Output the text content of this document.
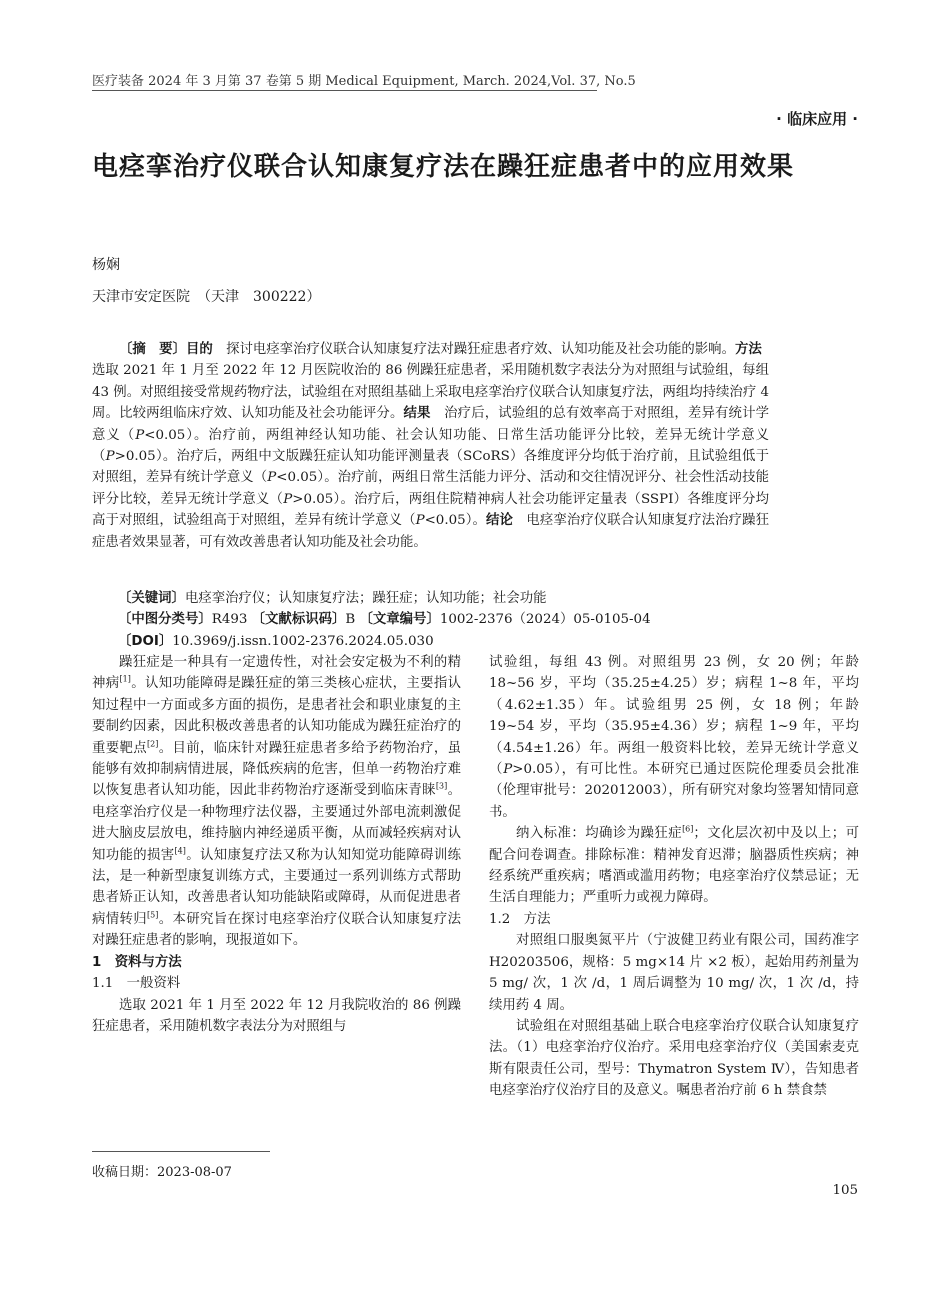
医疗装备 2024 年 3 月第 37 卷第 5 期 Medical Equipment, March. 2024,Vol. 37, No.5
· 临床应用 ·
电痉挛治疗仪联合认知康复疗法在躁狂症患者中的应用效果
杨娴
天津市安定医院　（天津　300222）
〔摘　要〕目的　探讨电痉挛治疗仪联合认知康复疗法对躁狂症患者疗效、认知功能及社会功能的影响。方法　选取 2021 年 1 月至 2022 年 12 月医院收治的 86 例躁狂症患者，采用随机数字表法分为对照组与试验组，每组 43 例。对照组接受常规药物疗法，试验组在对照组基础上采取电痉挛治疗仪联合认知康复疗法，两组均持续治疗 4 周。比较两组临床疗效、认知功能及社会功能评分。结果　治疗后，试验组的总有效率高于对照组，差异有统计学意义（P<0.05）。治疗前，两组神经认知功能、社会认知功能、日常生活功能评分比较，差异无统计学意义（P>0.05）。治疗后，两组中文版躁狂症认知功能评测量表（SCoRS）各维度评分均低于治疗前，且试验组低于对照组，差异有统计学意义（P<0.05）。治疗前，两组日常生活能力评分、活动和交往情况评分、社会性活动技能评分比较，差异无统计学意义（P>0.05）。治疗后，两组住院精神病人社会功能评定量表（SSPI）各维度评分均高于对照组，试验组高于对照组，差异有统计学意义（P<0.05）。结论　电痉挛治疗仪联合认知康复疗法治疗躁狂症患者效果显著，可有效改善患者认知功能及社会功能。
〔关键词〕电痉挛治疗仪；认知康复疗法；躁狂症；认知功能；社会功能
〔中图分类号〕R493 〔文献标识码〕B 〔文章编号〕1002-2376（2024）05-0105-04
〔DOI〕10.3969/j.issn.1002-2376.2024.05.030
躁狂症是一种具有一定遗传性，对社会安定极为不利的精神病[1]。认知功能障碍是躁狂症的第三类核心症状，主要指认知过程中一方面或多方面的损伤，是患者社会和职业康复的主要制约因素，因此积极改善患者的认知功能成为躁狂症治疗的重要靶点[2]。目前，临床针对躁狂症患者多给予药物治疗，虽能够有效抑制病情进展，降低疾病的危害，但单一药物治疗难以恢复患者认知功能，因此非药物治疗逐渐受到临床青睐[3]。电痉挛治疗仪是一种物理疗法仪器，主要通过外部电流刺激促进大脑皮层放电，维持脑内神经递质平衡，从而减轻疾病对认知功能的损害[4]。认知康复疗法又称为认知知觉功能障碍训练法，是一种新型康复训练方式，主要通过一系列训练方式帮助患者矫正认知，改善患者认知功能缺陷或障碍，从而促进患者病情转归[5]。本研究旨在探讨电痉挛治疗仪联合认知康复疗法对躁狂症患者的影响，现报道如下。
1　资料与方法
1.1　一般资料
选取 2021 年 1 月至 2022 年 12 月我院收治的 86 例躁狂症患者，采用随机数字表法分为对照组与
试验组，每组 43 例。对照组男 23 例，女 20 例；年龄 18~56 岁，平均（35.25±4.25）岁；病程 1~8 年，平均（4.62±1.35）年。试验组男 25 例，女 18 例；年龄 19~54 岁，平均（35.95±4.36）岁；病程 1~9 年，平均（4.54±1.26）年。两组一般资料比较，差异无统计学意义（P>0.05），有可比性。本研究已通过医院伦理委员会批准（伦理审批号：202012003），所有研究对象均签署知情同意书。
纳入标准：均确诊为躁狂症[6]；文化层次初中及以上；可配合问卷调查。排除标准：精神发育迟滞；脑器质性疾病；神经系统严重疾病；嗜酒或滥用药物；电痉挛治疗仪禁忌证；无生活自理能力；严重听力或视力障碍。
1.2　方法
对照组口服奥氮平片（宁波健卫药业有限公司，国药准字 H20203506，规格：5 mg×14 片 ×2 板），起始用药剂量为 5 mg/ 次，1 次 /d，1 周后调整为 10 mg/ 次，1 次 /d，持续用药 4 周。
试验组在对照组基础上联合电痉挛治疗仪联合认知康复疗法。（1）电痉挛治疗仪治疗。采用电痉挛治疗仪（美国索麦克斯有限责任公司，型号：Thymatron System Ⅳ），告知患者电痉挛治疗仪治疗目的及意义。嘱患者治疗前 6 h 禁食禁
收稿日期：2023-08-07
105
